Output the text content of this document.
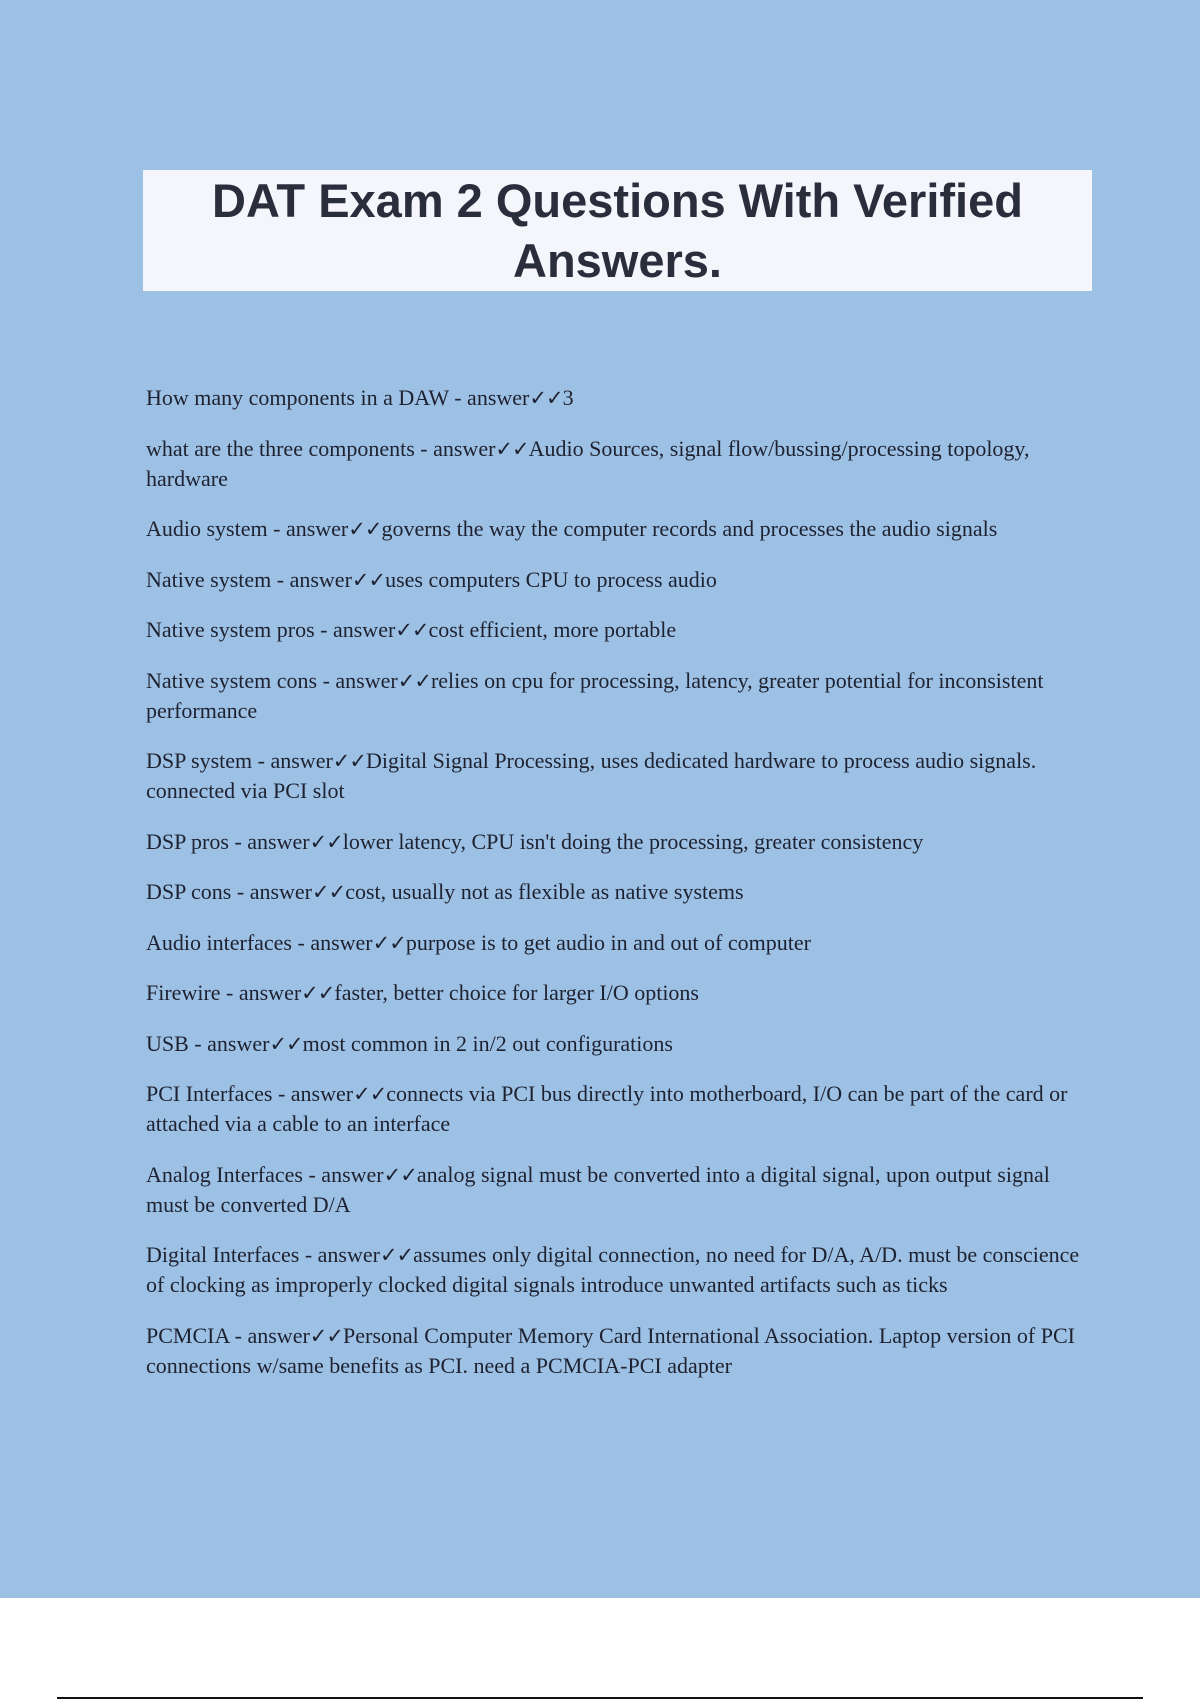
DAT Exam 2 Questions With Verified Answers.
How many components in a DAW - answer✓✓3
what are the three components - answer✓✓Audio Sources, signal flow/bussing/processing topology, hardware
Audio system - answer✓✓governs the way the computer records and processes the audio signals
Native system - answer✓✓uses computers CPU to process audio
Native system pros - answer✓✓cost efficient, more portable
Native system cons - answer✓✓relies on cpu for processing, latency, greater potential for inconsistent performance
DSP system - answer✓✓Digital Signal Processing, uses dedicated hardware to process audio signals. connected via PCI slot
DSP pros - answer✓✓lower latency, CPU isn't doing the processing, greater consistency
DSP cons - answer✓✓cost, usually not as flexible as native systems
Audio interfaces - answer✓✓purpose is to get audio in and out of computer
Firewire - answer✓✓faster, better choice for larger I/O options
USB - answer✓✓most common in 2 in/2 out configurations
PCI Interfaces - answer✓✓connects via PCI bus directly into motherboard, I/O can be part of the card or attached via a cable to an interface
Analog Interfaces - answer✓✓analog signal must be converted into a digital signal, upon output signal must be converted D/A
Digital Interfaces - answer✓✓assumes only digital connection, no need for D/A, A/D. must be conscience of clocking as improperly clocked digital signals introduce unwanted artifacts such as ticks
PCMCIA - answer✓✓Personal Computer Memory Card International Association. Laptop version of PCI connections w/same benefits as PCI. need a PCMCIA-PCI adapter
